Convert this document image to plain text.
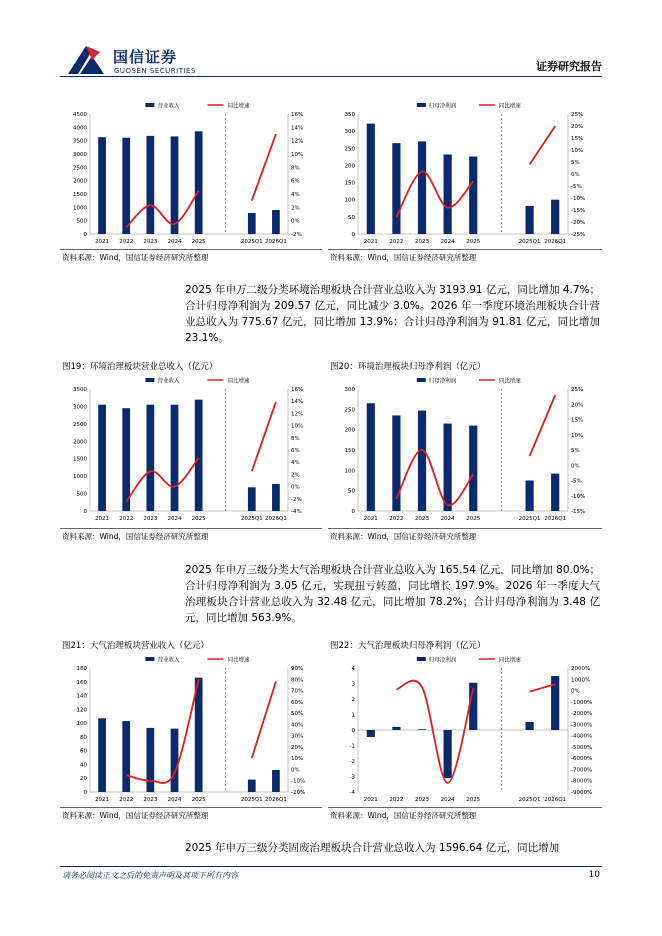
国信证券
GUOSEN SECURITIES	证券研究报告
营业收入	同比增速
0
500
1000
1500
2000
2500
3000
3500
4000
4500
-2%
0%
2%
4%
6%
8%
10%
12%
14%
16%
2021 2022 2023 2024 2025	2025Q1 2026Q1
归母净利润	同比增速
0
50
100
150
200
250
300
350
-25%
-20%
-15%
-10%
-5%
0%
5%
10%
15%
20%
25%
2021 2022 2023 2024 2025	2025Q1 2026Q1
资料来源：Wind，国信证券经济研究所整理	资料来源：Wind，国信证券经济研究所整理
2025 年申万二级分类环境治理板块合计营业总收入为 3193.91 亿元，同比增加 4.7%；合计归母净利润为 209.57 亿元，同比减少 3.0%。2026 年一季度环境治理板块合计营业总收入为 775.67 亿元，同比增加 13.9%；合计归母净利润为 91.81 亿元，同比增加 23.1%。
图19：环境治理板块营业总收入（亿元）	图20：环境治理板块归母净利润（亿元）
营业收入	同比增速
0
500
1000
1500
2000
2500
3000
3500
-4%
-2%
0%
2%
4%
6%
8%
10%
12%
14%
16%
2021 2022 2023 2024 2025	2025Q1 2026Q1
归母净利润	同比增速
0
50
100
150
200
250
300
-15%
-10%
-5%
0%
5%
10%
15%
20%
25%
2021 2022 2023 2024 2025	2025Q1 2026Q1
资料来源：Wind，国信证券经济研究所整理	资料来源：Wind，国信证券经济研究所整理
2025 年申万三级分类大气治理板块合计营业总收入为 165.54 亿元，同比增加 80.0%；合计归母净利润为 3.05 亿元，实现扭亏转盈，同比增长 197.9%。2026 年一季度大气治理板块合计营业总收入为 32.48 亿元，同比增加 78.2%；合计归母净利润为 3.48 亿元，同比增加 563.9%。
图21：大气治理板块营业收入（亿元）	图22：大气治理板块归母净利润（亿元）
营业收入	同比增速
0
20
40
60
80
100
120
140
160
180
-20%
-10%
0%
10%
20%
30%
40%
50%
60%
70%
80%
90%
2021 2022 2023 2024 2025	2025Q1 2026Q1
归母净利润	同比增速
-4
-3
-2
-1
0
1
2
3
4
-9000%
-8000%
-7000%
-6000%
-5000%
-4000%
-3000%
-2000%
-1000%
0%
1000%
2000%
2021 2022 2023 2024 2025	2025Q1 2026Q1
资料来源：Wind，国信证券经济研究所整理	资料来源：Wind，国信证券经济研究所整理
2025 年申万三级分类固废治理板块合计营业总收入为 1596.64 亿元，同比增加
请务必阅读正文之后的免责声明及其项下所有内容	10
